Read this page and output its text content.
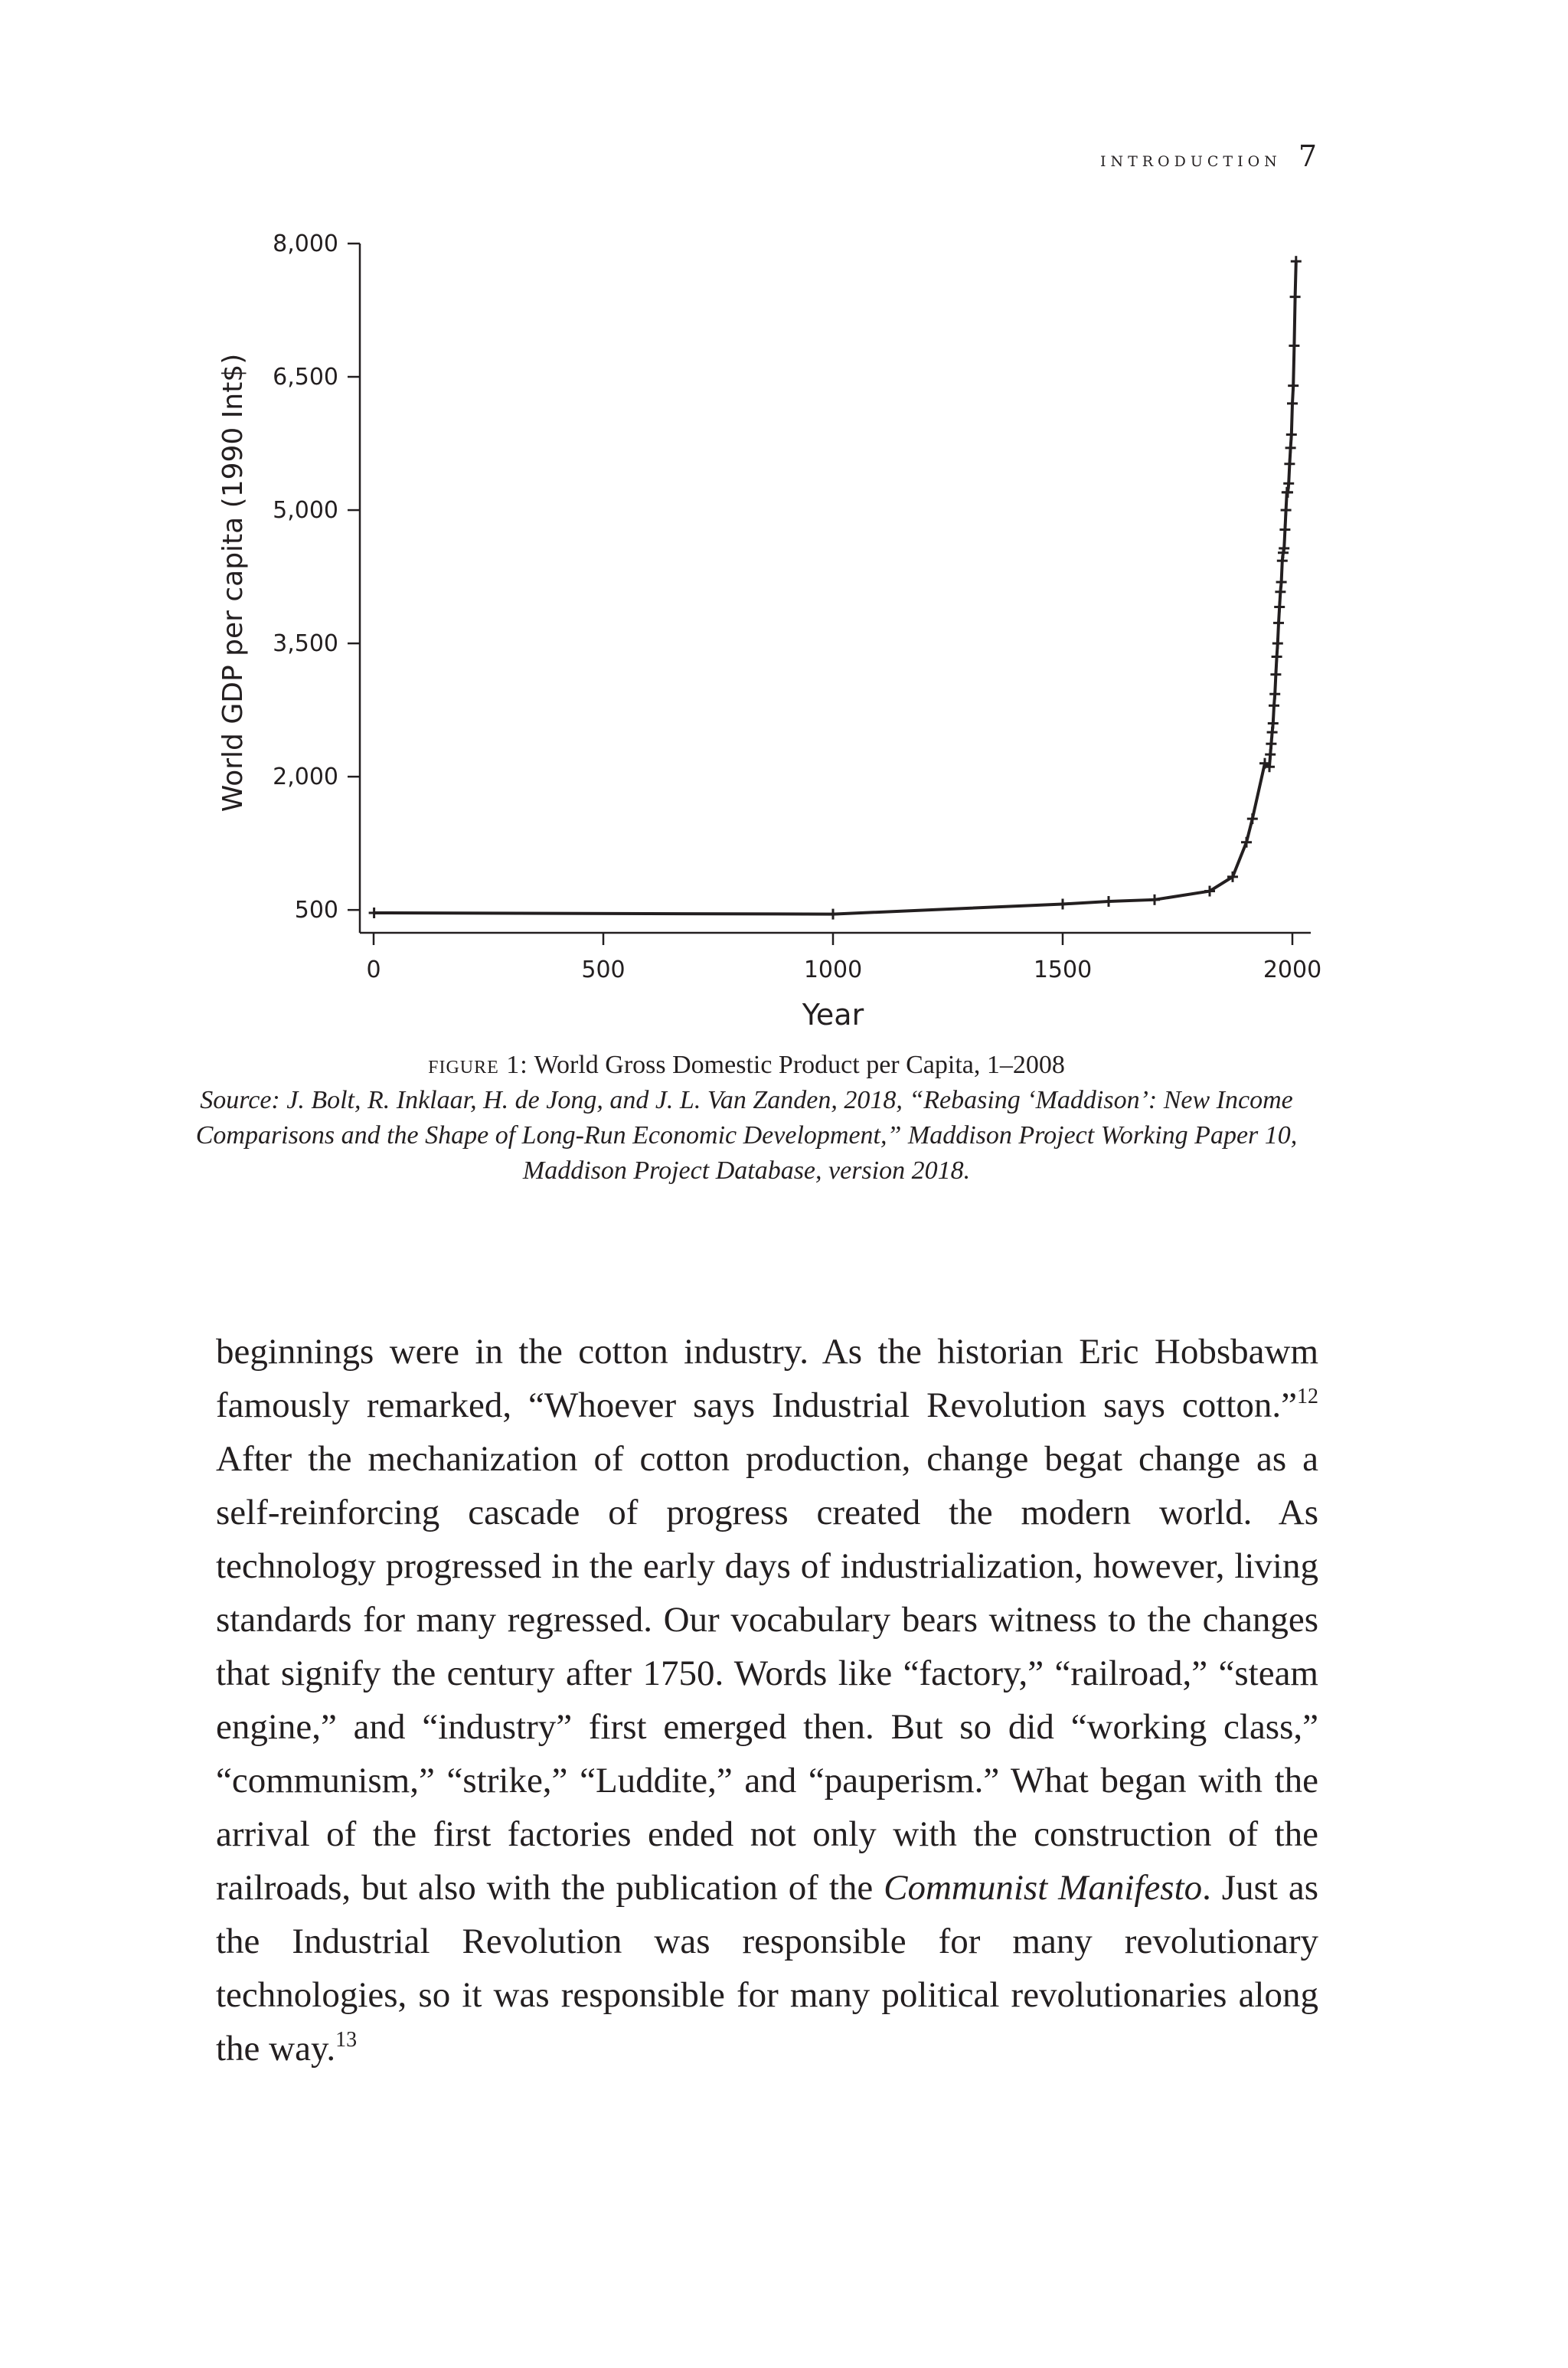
introduction 7
500
2,000
3,500
5,000
6,500
8,000
0	500	1000	1500	2000
World GDP per capita (1990 Int$)
Year
figure 1: World Gross Domestic Product per Capita, 1–2008
Source: J. Bolt, R. Inklaar, H. de Jong, and J. L. Van Zanden, 2018, “Rebasing ‘Maddison’: New Income Comparisons and the Shape of Long-Run Economic Development,” Maddison Project Working Paper 10, Maddison Project Database, version 2018.

beginnings were in the cotton industry. As the historian Eric Hobsbawm famously remarked, “Whoever says Industrial Revolution says cotton.”$^{12}$ After the mechanization of cotton production, change begat change as a self-reinforcing cascade of progress created the modern world. As technology progressed in the early days of industrialization, however, living standards for many regressed. Our vocabulary bears witness to the changes that signify the century after 1750. Words like “factory,” “railroad,” “steam engine,” and “industry” first emerged then. But so did “working class,” “communism,” “strike,” “Luddite,” and “pauperism.” What began with the arrival of the first factories ended not only with the construction of the railroads, but also with the publication of the Communist Manifesto. Just as the Industrial Revolution was responsible for many revolutionary technologies, so it was responsible for many political revolutionaries along the way.$^{13}$
